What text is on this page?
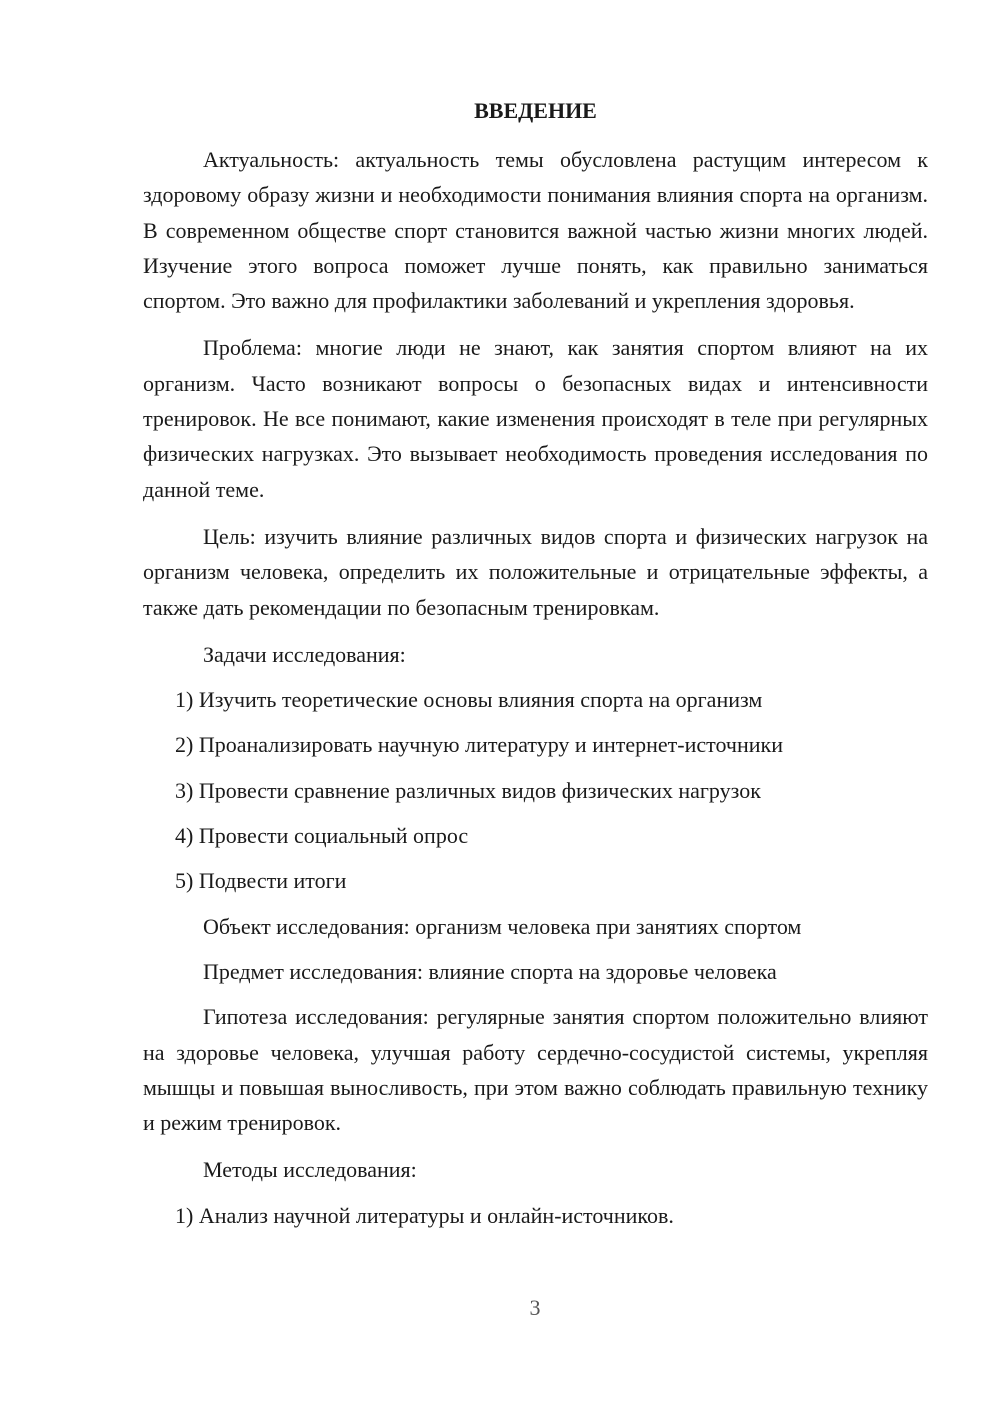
ВВЕДЕНИЕ

Актуальность: актуальность темы обусловлена растущим интересом к здоровому образу жизни и необходимости понимания влияния спорта на организм. В современном обществе спорт становится важной частью жизни многих людей. Изучение этого вопроса поможет лучше понять, как правильно заниматься спортом. Это важно для профилактики заболеваний и укрепления здоровья.

Проблема: многие люди не знают, как занятия спортом влияют на их организм. Часто возникают вопросы о безопасных видах и интенсивности тренировок. Не все понимают, какие изменения происходят в теле при регулярных физических нагрузках. Это вызывает необходимость проведения исследования по данной теме.

Цель: изучить влияние различных видов спорта и физических нагрузок на организм человека, определить их положительные и отрицательные эффекты, а также дать рекомендации по безопасным тренировкам.

Задачи исследования:
1) Изучить теоретические основы влияния спорта на организм
2) Проанализировать научную литературу и интернет-источники
3) Провести сравнение различных видов физических нагрузок
4) Провести социальный опрос
5) Подвести итоги
Объект исследования: организм человека при занятиях спортом
Предмет исследования: влияние спорта на здоровье человека

Гипотеза исследования: регулярные занятия спортом положительно влияют на здоровье человека, улучшая работу сердечно-сосудистой системы, укрепляя мышцы и повышая выносливость, при этом важно соблюдать правильную технику и режим тренировок.

Методы исследования:
1) Анализ научной литературы и онлайн-источников.
3
